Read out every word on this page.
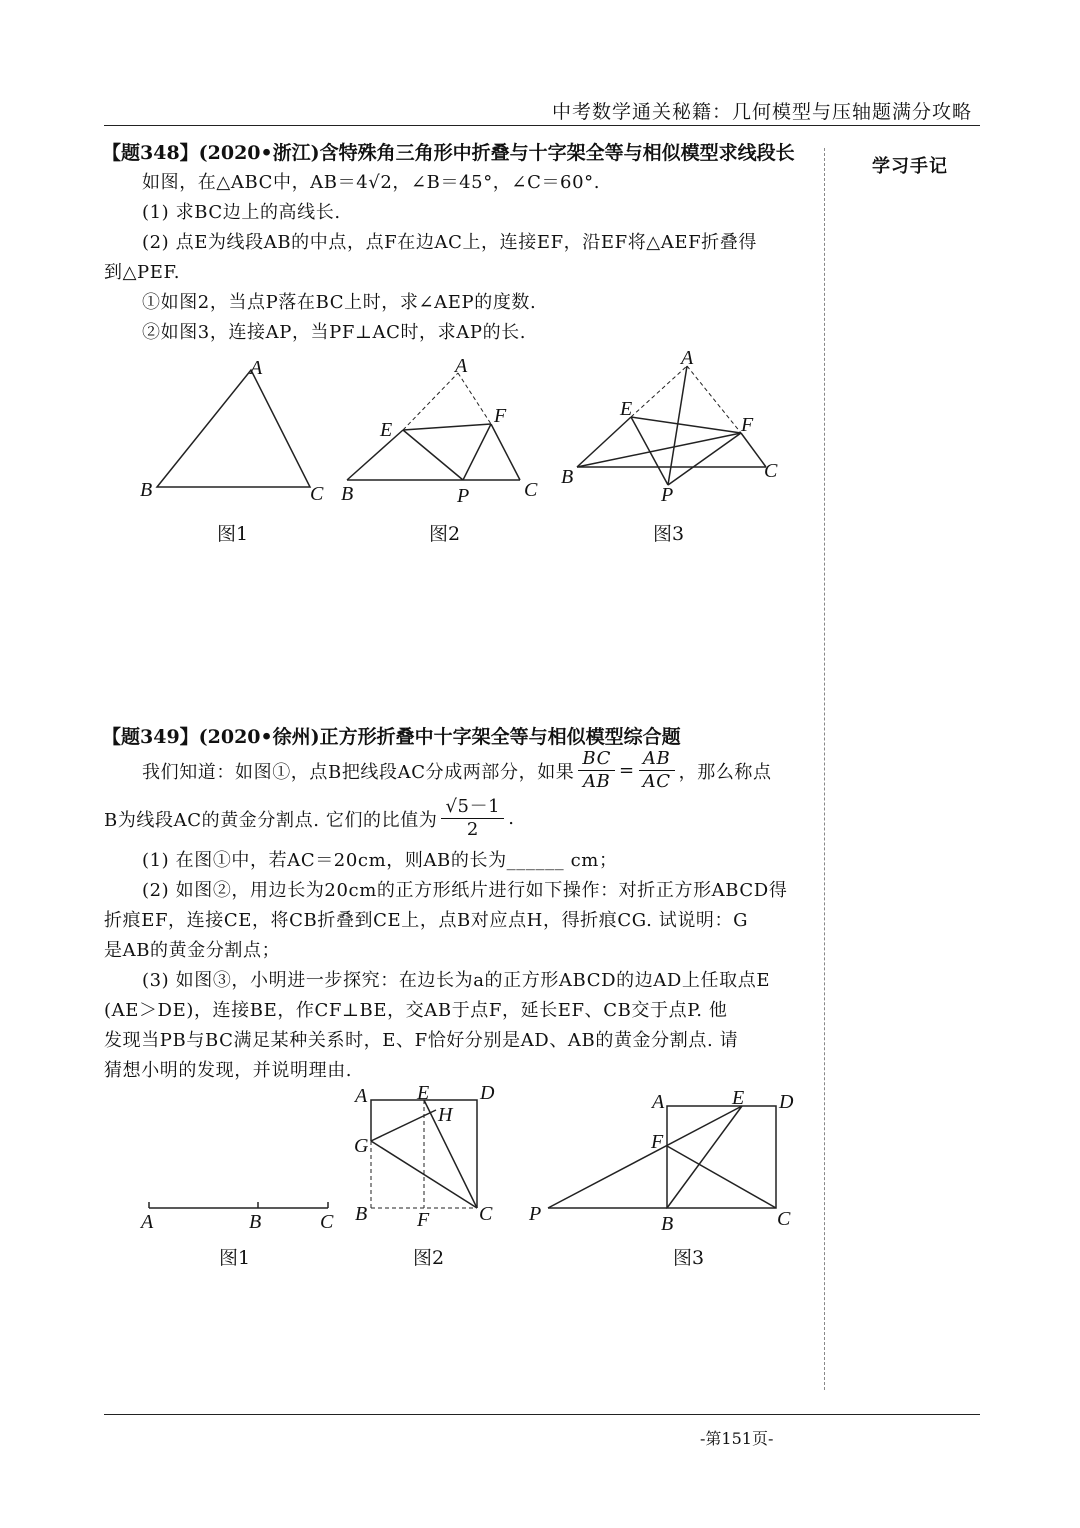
中考数学通关秘籍：几何模型与压轴题满分攻略
学习手记
【题348】(2020•浙江)含特殊角三角形中折叠与十字架全等与相似模型求线段长
如图，在△ABC中，AB＝4√2，∠B＝45°，∠C＝60°.
(1) 求BC边上的高线长.
(2) 点E为线段AB的中点，点F在边AC上，连接EF，沿EF将△AEF折叠得
到△PEF.
①如图2，当点P落在BC上时，求∠AEP的度数.
②如图3，连接AP，当PF⊥AC时，求AP的长.
A
B	C
A
E
F
B	P	C
A
E
F
B	C
P
图1	图2	图3
【题349】(2020•徐州)正方形折叠中十字架全等与相似模型综合题
我们知道：如图①，点B把线段AC分成两部分，如果 $\frac{BC}{AB} = \frac{AB}{AC}$ ，那么称点
B为线段AC的黄金分割点. 它们的比值为 $\frac{√5-1}{2}$ .
(1) 在图①中，若AC＝20cm，则AB的长为______ cm；
(2) 如图②，用边长为20cm的正方形纸片进行如下操作：对折正方形ABCD得
折痕EF，连接CE，将CB折叠到CE上，点B对应点H，得折痕CG. 试说明：G
是AB的黄金分割点；
(3) 如图③，小明进一步探究：在边长为a的正方形ABCD的边AD上任取点E
(AE＞DE)，连接BE，作CF⊥BE，交AB于点F，延长EF、CB交于点P. 他
发现当PB与BC满足某种关系时，E、F恰好分别是AD、AB的黄金分割点. 请
猜想小明的发现，并说明理由.
A	B	C
A E	D
H
G
B F C
A	E D
F
P	B	C
图1	图2	图3
-第151页-
